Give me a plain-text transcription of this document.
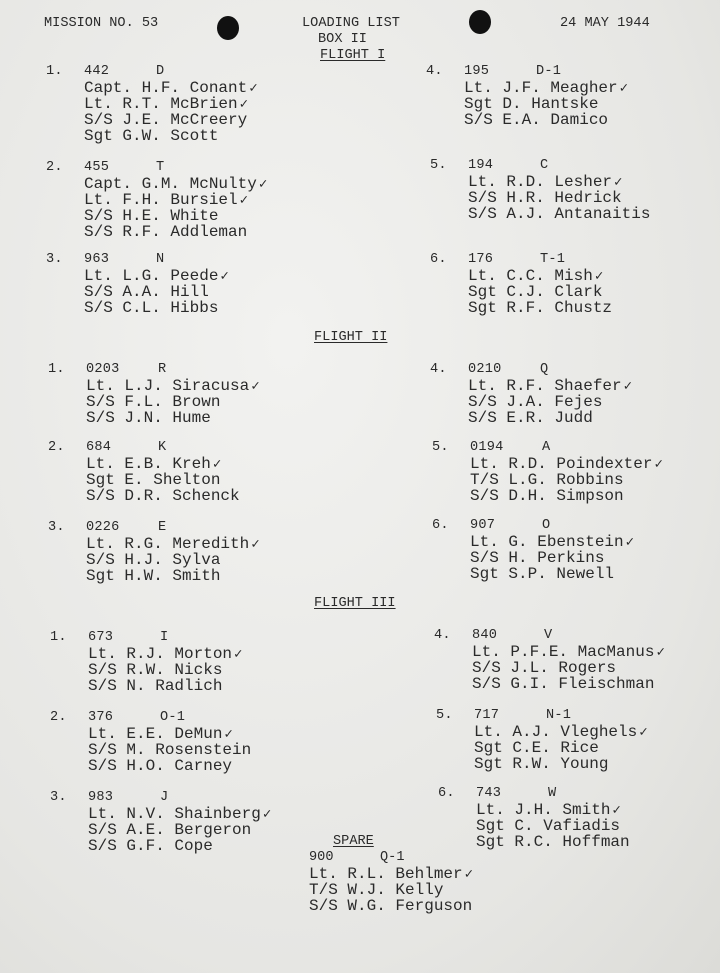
MISSION NO. 53	LOADING LIST
BOX II
24 MAY 1944
FLIGHT I
FLIGHT II
FLIGHT III
1. 442	D
Capt. H.F. Conant ✓
Lt. R.T. McBrien ✓
S/S J.E. McCreery
Sgt G.W. Scott
2. 455	T
Capt. G.M. McNulty ✓
Lt. F.H. Bursiel ✓
S/S H.E. White
S/S R.F. Addleman
3. 963	N
Lt. L.G. Peede ✓
S/S A.A. Hill
S/S C.L. Hibbs
4. 195	D-1
Lt. J.F. Meagher ✓
Sgt D. Hantske
S/S E.A. Damico
5. 194	C
Lt. R.D. Lesher ✓
S/S H.R. Hedrick
S/S A.J. Antanaitis
6. 176	T-1
Lt. C.C. Mish ✓
Sgt C.J. Clark
Sgt R.F. Chustz
1. 0203	R
Lt. L.J. Siracusa ✓
S/S F.L. Brown
S/S J.N. Hume
2. 684	K
Lt. E.B. Kreh ✓
Sgt E. Shelton
S/S D.R. Schenck
3. 0226	E
Lt. R.G. Meredith ✓
S/S H.J. Sylva
Sgt H.W. Smith
4. 0210	Q
Lt. R.F. Shaefer ✓
S/S J.A. Fejes
S/S E.R. Judd
5. 0194	A
Lt. R.D. Poindexter ✓
T/S L.G. Robbins
S/S D.H. Simpson
6. 907	O
Lt. G. Ebenstein ✓
S/S H. Perkins
Sgt S.P. Newell
1. 673	I
Lt. R.J. Morton ✓
S/S R.W. Nicks
S/S N. Radlich
2. 376	O-1
Lt. E.E. DeMun ✓
S/S M. Rosenstein
S/S H.O. Carney
3. 983	J
Lt. N.V. Shainberg ✓
S/S A.E. Bergeron
S/S G.F. Cope
4. 840	V
Lt. P.F.E. MacManus ✓
S/S J.L. Rogers
S/S G.I. Fleischman
5. 717	N-1
Lt. A.J. Vleghels ✓
Sgt C.E. Rice
Sgt R.W. Young
6. 743	W
Lt. J.H. Smith ✓
Sgt C. Vafiadis
Sgt R.C. Hoffman
SPARE
900	Q-1
Lt. R.L. Behlmer ✓
T/S W.J. Kelly
S/S W.G. Ferguson
